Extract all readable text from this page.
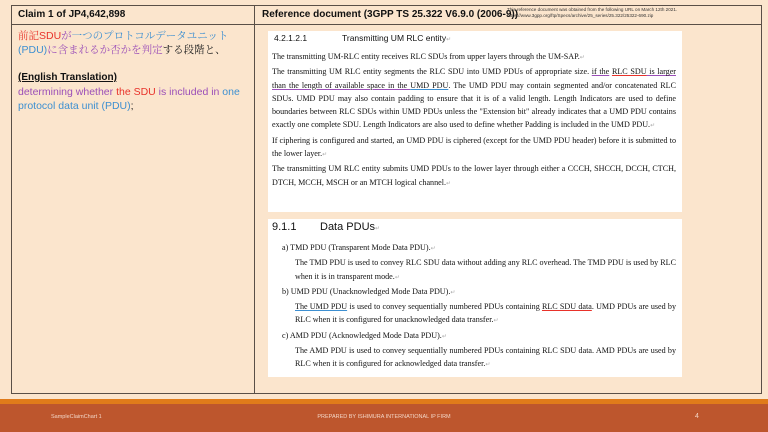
Claim 1 of JP4,642,898	Reference document (3GPP TS 25.322 V6.9.0 (2006-9))
This reference document was obtained from the following URL on March 12th 2021.
https://www.3gpp.org/ftp/Specs/archive/25_series/25.322/25322-690.zip

前記SDUが一つのプロトコルデータユニット(PDU)に含まれるか否かを判定する段階と、

(English Translation)

determining whether the SDU is included in one protocol data unit (PDU);

4.2.1.2.1	Transmitting UM RLC entity↵

The transmitting UM-RLC entity receives RLC SDUs from upper layers through the UM-SAP.↵

The transmitting UM RLC entity segments the RLC SDU into UMD PDUs of appropriate size. if the RLC SDU is larger than the length of available space in the UMD PDU. The UMD PDU may contain segmented and/or concatenated RLC SDUs. UMD PDU may also contain padding to ensure that it is of a valid length. Length Indicators are used to define boundaries between RLC SDUs within UMD PDUs unless the "Extension bit" already indicates that a UMD PDU contains exactly one complete SDU. Length Indicators are also used to define whether Padding is included in the UMD PDU.↵

If ciphering is configured and started, an UMD PDU is ciphered (except for the UMD PDU header) before it is submitted to the lower layer.↵

The transmitting UM RLC entity submits UMD PDUs to the lower layer through either a CCCH, SHCCH, DCCH, CTCH, DTCH, MCCH, MSCH or an MTCH logical channel.↵

9.1.1 Data PDUs↵

a) TMD PDU (Transparent Mode Data PDU).↵

The TMD PDU is used to convey RLC SDU data without adding any RLC overhead. The TMD PDU is used by RLC when it is in transparent mode.↵

b) UMD PDU (Unacknowledged Mode Data PDU).↵

The UMD PDU is used to convey sequentially numbered PDUs containing RLC SDU data. UMD PDUs are used by RLC when it is configured for unacknowledged data transfer.↵

c) AMD PDU (Acknowledged Mode Data PDU).↵

The AMD PDU is used to convey sequentially numbered PDUs containing RLC SDU data. AMD PDUs are used by RLC when it is configured for acknowledged data transfer.↵

SampleClaimChart 1	PREPARED BY ISHIMURA INTERNATIONAL IP FIRM	4
